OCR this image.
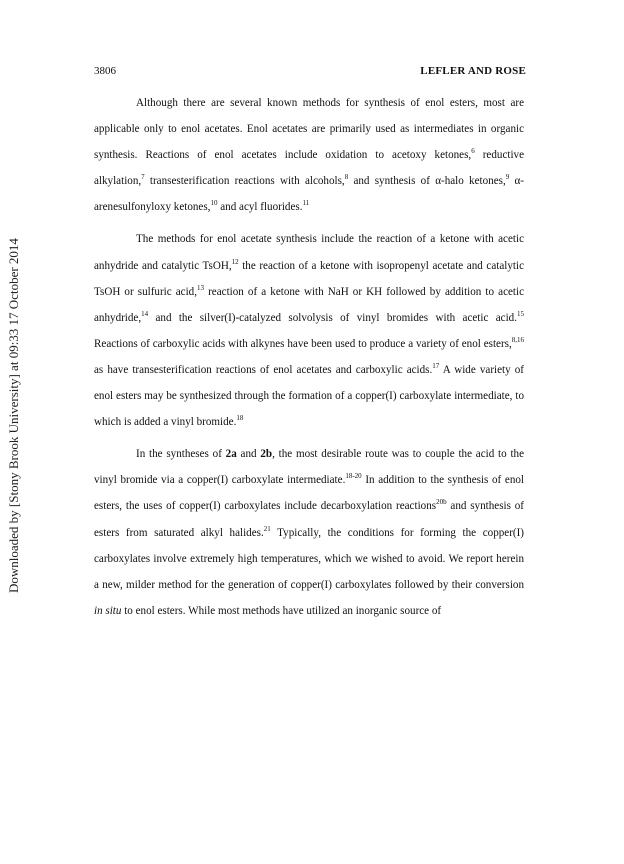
3806	LEFLER AND ROSE
Downloaded by [Stony Brook University] at 09:33 17 October 2014

Although there are several known methods for synthesis of enol esters, most are applicable only to enol acetates. Enol acetates are primarily used as intermediates in organic synthesis. Reactions of enol acetates include oxidation to acetoxy ketones,$^6$ reductive alkylation,$^7$ transesterification reactions with alcohols,$^8$ and synthesis of α-halo ketones,$^9$ α-arenesulfonyloxy ketones,$^{10}$ and acyl fluorides.$^{11}$

The methods for enol acetate synthesis include the reaction of a ketone with acetic anhydride and catalytic TsOH,$^{12}$ the reaction of a ketone with isopropenyl acetate and catalytic TsOH or sulfuric acid,$^{13}$ reaction of a ketone with NaH or KH followed by addition to acetic anhydride,$^{14}$ and the silver(I)-catalyzed solvolysis of vinyl bromides with acetic acid.$^{15}$ Reactions of carboxylic acids with alkynes have been used to produce a variety of enol esters,$^{8,16}$ as have transesterification reactions of enol acetates and carboxylic acids.$^{17}$ A wide variety of enol esters may be synthesized through the formation of a copper(I) carboxylate intermediate, to which is added a vinyl bromide.$^{18}$

In the syntheses of 2a and 2b, the most desirable route was to couple the acid to the vinyl bromide via a copper(I) carboxylate intermediate.$^{18-20}$ In addition to the synthesis of enol esters, the uses of copper(I) carboxylates include decarboxylation reactions$^{20b}$ and synthesis of esters from saturated alkyl halides.$^{21}$ Typically, the conditions for forming the copper(I) carboxylates involve extremely high temperatures, which we wished to avoid. We report herein a new, milder method for the generation of copper(I) carboxylates followed by their conversion in situ to enol esters. While most methods have utilized an inorganic source of
